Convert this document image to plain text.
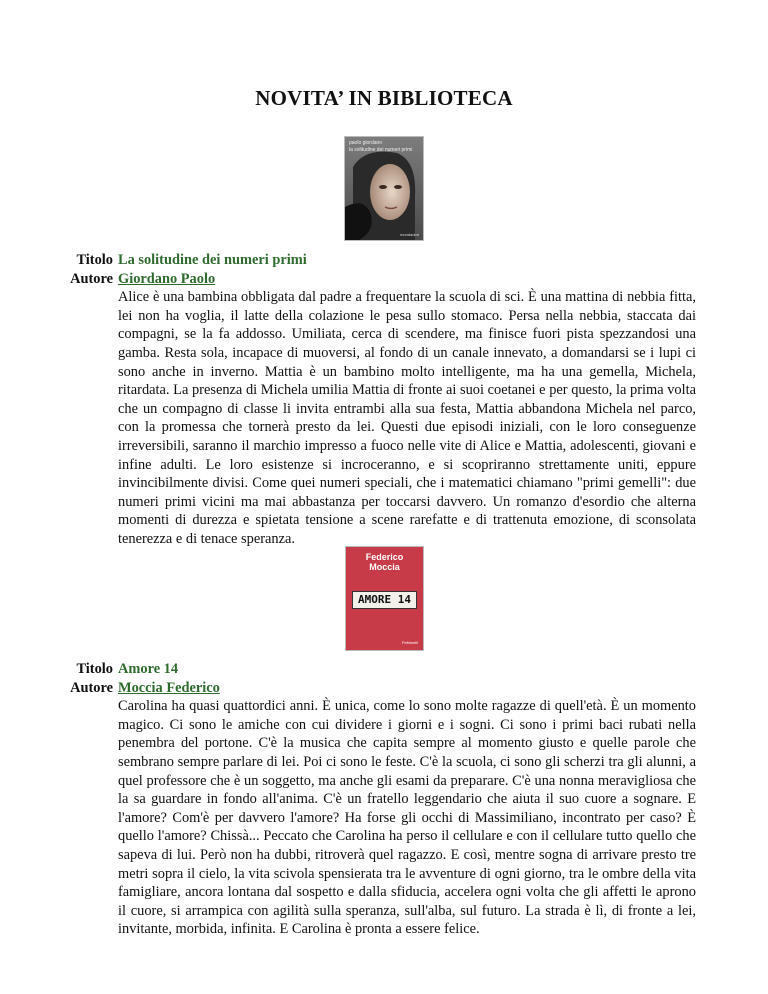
NOVITA’ IN BIBLIOTECA
paolo giordano
la solitudine dei numeri primi
mondadori
Titolo La solitudine dei numeri primi
Autore Giordano Paolo
Alice è una bambina obbligata dal padre a frequentare la scuola di sci. È una mattina di nebbia fitta, lei non ha voglia, il latte della colazione le pesa sullo stomaco. Persa nella nebbia, staccata dai compagni, se la fa addosso. Umiliata, cerca di scendere, ma finisce fuori pista spezzandosi una gamba. Resta sola, incapace di muoversi, al fondo di un canale innevato, a domandarsi se i lupi ci sono anche in inverno. Mattia è un bambino molto intelligente, ma ha una gemella, Michela, ritardata. La presenza di Michela umilia Mattia di fronte ai suoi coetanei e per questo, la prima volta che un compagno di classe li invita entrambi alla sua festa, Mattia abbandona Michela nel parco, con la promessa che tornerà presto da lei. Questi due episodi iniziali, con le loro conseguenze irreversibili, saranno il marchio impresso a fuoco nelle vite di Alice e Mattia, adolescenti, giovani e infine adulti. Le loro esistenze si incroceranno, e si scopriranno strettamente uniti, eppure invincibilmente divisi. Come quei numeri speciali, che i matematici chiamano "primi gemelli": due numeri primi vicini ma mai abbastanza per toccarsi davvero. Un romanzo d'esordio che alterna momenti di durezza e spietata tensione a scene rarefatte e di trattenuta emozione, di sconsolata tenerezza e di tenace speranza.
Federico
Moccia
AMORE 14
Feltrinelli
Titolo Amore 14
Autore Moccia Federico
Carolina ha quasi quattordici anni. È unica, come lo sono molte ragazze di quell'età. È un momento magico. Ci sono le amiche con cui dividere i giorni e i sogni. Ci sono i primi baci rubati nella penembra del portone. C'è la musica che capita sempre al momento giusto e quelle parole che sembrano sempre parlare di lei. Poi ci sono le feste. C'è la scuola, ci sono gli scherzi tra gli alunni, a quel professore che è un soggetto, ma anche gli esami da preparare. C'è una nonna meravigliosa che la sa guardare in fondo all'anima. C'è un fratello leggendario che aiuta il suo cuore a sognare. E l'amore? Com'è per davvero l'amore? Ha forse gli occhi di Massimiliano, incontrato per caso? È quello l'amore? Chissà... Peccato che Carolina ha perso il cellulare e con il cellulare tutto quello che sapeva di lui. Però non ha dubbi, ritroverà quel ragazzo. E così, mentre sogna di arrivare presto tre metri sopra il cielo, la vita scivola spensierata tra le avventure di ogni giorno, tra le ombre della vita famigliare, ancora lontana dal sospetto e dalla sfiducia, accelera ogni volta che gli affetti le aprono il cuore, si arrampica con agilità sulla speranza, sull'alba, sul futuro. La strada è lì, di fronte a lei, invitante, morbida, infinita. E Carolina è pronta a essere felice.
